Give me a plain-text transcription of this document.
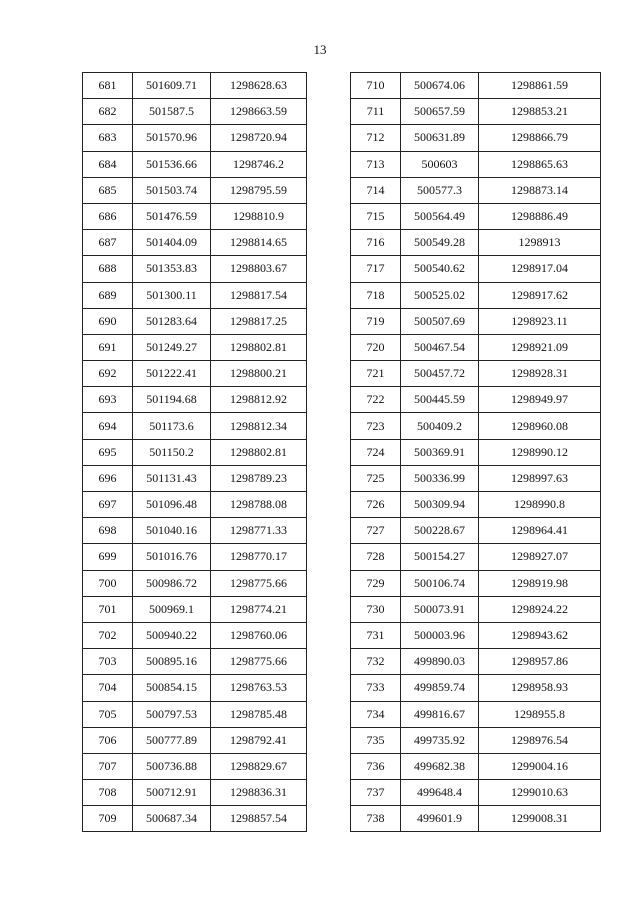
13
681	501609.71	1298628.63
682	501587.5	1298663.59
683	501570.96	1298720.94
684	501536.66	1298746.2
685	501503.74	1298795.59
686	501476.59	1298810.9
687	501404.09	1298814.65
688	501353.83	1298803.67
689	501300.11	1298817.54
690	501283.64	1298817.25
691	501249.27	1298802.81
692	501222.41	1298800.21
693	501194.68	1298812.92
694	501173.6	1298812.34
695	501150.2	1298802.81
696	501131.43	1298789.23
697	501096.48	1298788.08
698	501040.16	1298771.33
699	501016.76	1298770.17
700	500986.72	1298775.66
701	500969.1	1298774.21
702	500940.22	1298760.06
703	500895.16	1298775.66
704	500854.15	1298763.53
705	500797.53	1298785.48
706	500777.89	1298792.41
707	500736.88	1298829.67
708	500712.91	1298836.31
709	500687.34	1298857.54
710	500674.06	1298861.59
711	500657.59	1298853.21
712	500631.89	1298866.79
713	500603	1298865.63
714	500577.3	1298873.14
715	500564.49	1298886.49
716	500549.28	1298913
717	500540.62	1298917.04
718	500525.02	1298917.62
719	500507.69	1298923.11
720	500467.54	1298921.09
721	500457.72	1298928.31
722	500445.59	1298949.97
723	500409.2	1298960.08
724	500369.91	1298990.12
725	500336.99	1298997.63
726	500309.94	1298990.8
727	500228.67	1298964.41
728	500154.27	1298927.07
729	500106.74	1298919.98
730	500073.91	1298924.22
731	500003.96	1298943.62
732	499890.03	1298957.86
733	499859.74	1298958.93
734	499816.67	1298955.8
735	499735.92	1298976.54
736	499682.38	1299004.16
737	499648.4	1299010.63
738	499601.9	1299008.31
